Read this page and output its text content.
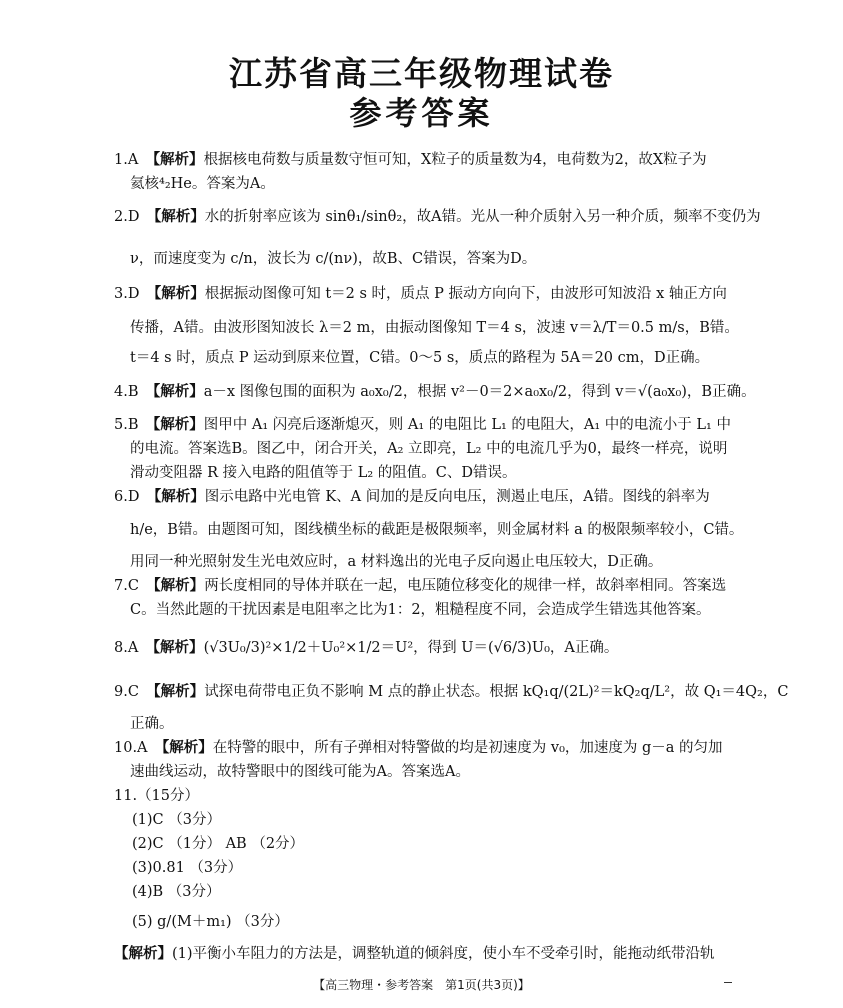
江苏省高三年级物理试卷
参考答案
1.A　 【解析】根据核电荷数与质量数守恒可知，X粒子的质量数为4，电荷数为2，故X粒子为
氦核⁴₂He。答案为A。
2.D　 【解析】水的折射率应该为 sinθ₁/sinθ₂，故A错。光从一种介质射入另一种介质，频率不变仍为
ν，而速度变为 c/n，波长为 c/(nν)，故B、C错误，答案为D。
3.D　 【解析】根据振动图像可知 t＝2 s 时，质点 P 振动方向向下，由波形可知波沿 x 轴正方向
传播，A错。由波形图知波长 λ＝2 m，由振动图像知 T＝4 s，波速 v＝λ/T＝0.5 m/s，B错。
t＝4 s 时，质点 P 运动到原来位置，C错。0～5 s，质点的路程为 5A＝20 cm，D正确。
4.B　 【解析】a－x 图像包围的面积为 a₀x₀/2，根据 v²－0＝2×a₀x₀/2，得到 v＝√(a₀x₀)，B正确。
5.B　 【解析】图甲中 A₁ 闪亮后逐渐熄灭，则 A₁ 的电阻比 L₁ 的电阻大，A₁ 中的电流小于 L₁ 中
的电流。答案选B。图乙中，闭合开关，A₂ 立即亮，L₂ 中的电流几乎为0，最终一样亮，说明
滑动变阻器 R 接入电路的阻值等于 L₂ 的阻值。C、D错误。
6.D　 【解析】图示电路中光电管 K、A 间加的是反向电压，测遏止电压，A错。图线的斜率为
h/e，B错。由题图可知，图线横坐标的截距是极限频率，则金属材料 a 的极限频率较小，C错。
用同一种光照射发生光电效应时，a 材料逸出的光电子反向遏止电压较大，D正确。
7.C　 【解析】两长度相同的导体并联在一起，电压随位移变化的规律一样，故斜率相同。答案选
C。当然此题的干扰因素是电阻率之比为1：2，粗糙程度不同，会造成学生错选其他答案。
8.A　 【解析】(√3U₀/3)²×1/2＋U₀²×1/2＝U²，得到 U＝(√6/3)U₀，A正确。
9.C　 【解析】试探电荷带电正负不影响 M 点的静止状态。根据 kQ₁q/(2L)²＝kQ₂q/L²，故 Q₁＝4Q₂，C
正确。
10.A　 【解析】在特警的眼中，所有子弹相对特警做的均是初速度为 v₀，加速度为 g－a 的匀加
速曲线运动，故特警眼中的图线可能为A。答案选A。
11.（15分）
(1)C （3分）
(2)C （1分） AB （2分）
(3)0.81 （3分）
(4)B （3分）
(5) g/(M＋m₁) （3分）
【解析】(1)平衡小车阻力的方法是，调整轨道的倾斜度，使小车不受牵引时，能拖动纸带沿轨
【高三物理・参考答案　第1页(共3页)】
